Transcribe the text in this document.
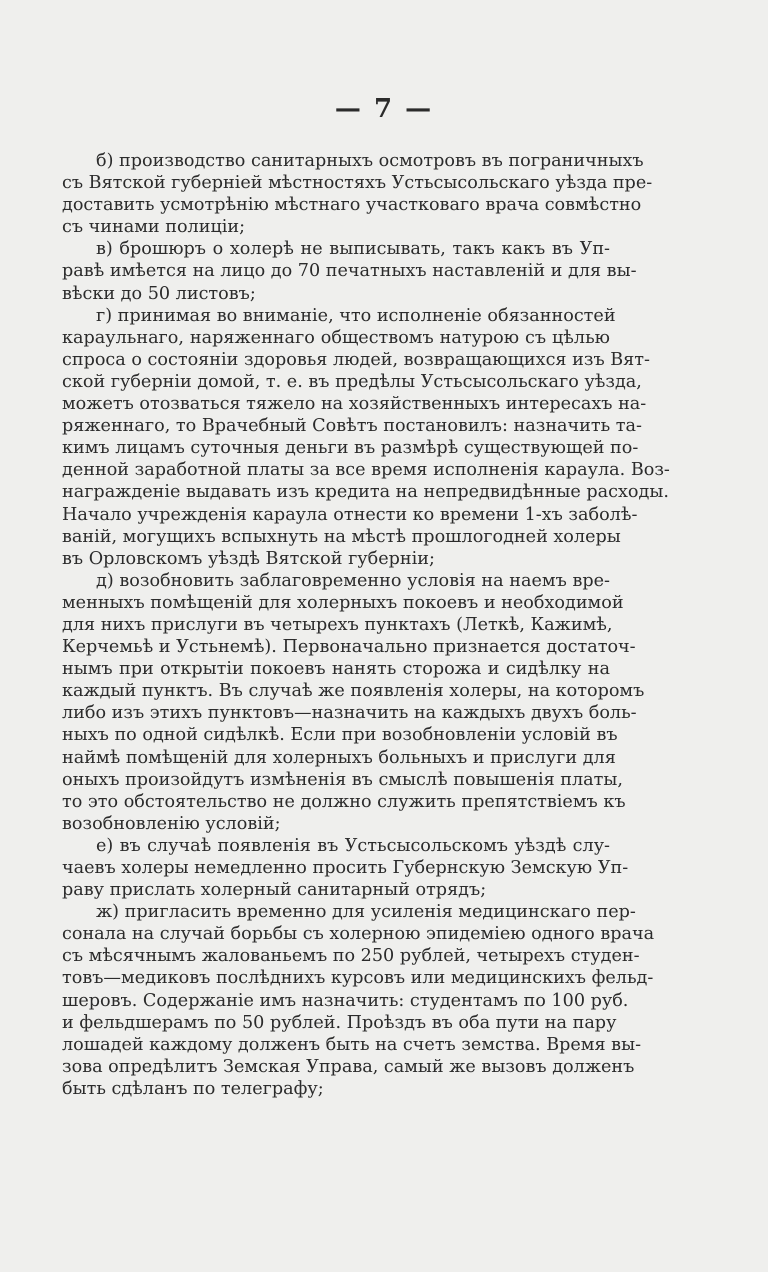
— 7 —
б) производство санитарныхъ осмотровъ въ пограничныхъ
съ Вятской губерніей мѣстностяхъ Устьсысольскаго уѣзда пре-
доставить усмотрѣнію мѣстнаго участковаго врача совмѣстно
съ чинами полиціи;
в) брошюръ о холерѣ не выписывать, такъ какъ въ Уп-
равѣ имѣется на лицо до 70 печатныхъ наставленій и для вы-
вѣски до 50 листовъ;
г) принимая во вниманіе, что исполненіе обязанностей
караульнаго, наряженнаго обществомъ натурою съ цѣлью
спроса о состояніи здоровья людей, возвращающихся изъ Вят-
ской губерніи домой, т. е. въ предѣлы Устьсысольскаго уѣзда,
можетъ отозваться тяжело на хозяйственныхъ интересахъ на-
ряженнаго, то Врачебный Совѣтъ постановилъ: назначить та-
кимъ лицамъ суточныя деньги въ размѣрѣ существующей по-
денной заработной платы за все время исполненія караула. Воз-
награжденіе выдавать изъ кредита на непредвидѣнные расходы.
Начало учрежденія караула отнести ко времени 1-хъ заболѣ-
ваній, могущихъ вспыхнуть на мѣстѣ прошлогодней холеры
въ Орловскомъ уѣздѣ Вятской губерніи;
д) возобновить заблаговременно условія на наемъ вре-
менныхъ помѣщеній для холерныхъ покоевъ и необходимой
для нихъ прислуги въ четырехъ пунктахъ (Леткѣ, Кажимѣ,
Керчемьѣ и Устьнемѣ). Первоначально признается достаточ-
нымъ при открытіи покоевъ нанять сторожа и сидѣлку на
каждый пунктъ. Въ случаѣ же появленія холеры, на которомъ
либо изъ этихъ пунктовъ—назначить на каждыхъ двухъ боль-
ныхъ по одной сидѣлкѣ. Если при возобновленіи условій въ
наймѣ помѣщеній для холерныхъ больныхъ и прислуги для
оныхъ произойдутъ измѣненія въ смыслѣ повышенія платы,
то это обстоятельство не должно служить препятствіемъ къ
возобновленію условій;
е) въ случаѣ появленія въ Устьсысольскомъ уѣздѣ слу-
чаевъ холеры немедленно просить Губернскую Земскую Уп-
раву прислать холерный санитарный отрядъ;
ж) пригласить временно для усиленія медицинскаго пер-
сонала на случай борьбы съ холерною эпидеміею одного врача
съ мѣсячнымъ жалованьемъ по 250 рублей, четырехъ студен-
товъ—медиковъ послѣднихъ курсовъ или медицинскихъ фельд-
шеровъ. Содержаніе имъ назначить: студентамъ по 100 руб.
и фельдшерамъ по 50 рублей. Проѣздъ въ оба пути на пару
лошадей каждому долженъ быть на счетъ земства. Время вы-
зова опредѣлитъ Земская Управа, самый же вызовъ долженъ
быть сдѣланъ по телеграфу;
